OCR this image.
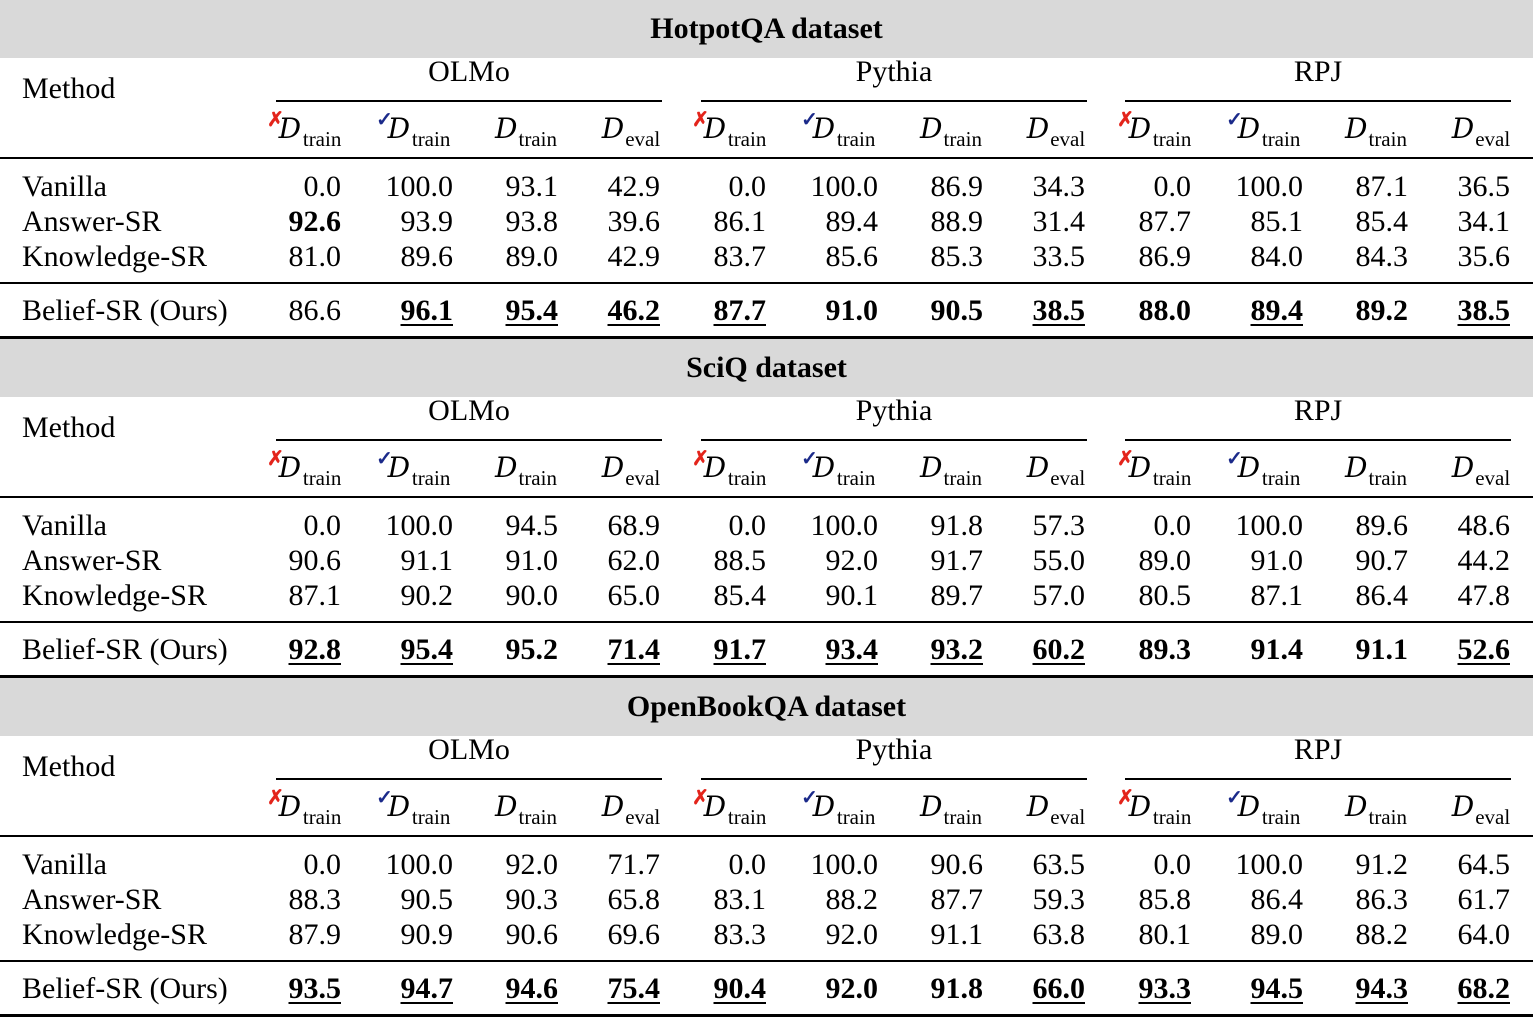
HotpotQA dataset
Method
OLMo
$D^✗_{train}$	$D^✓_{train}$	$D_{train}$	$D_{eval}$
Pythia
$D^✗_{train}$	$D^✓_{train}$	$D_{train}$	$D_{eval}$
RPJ
$D^✗_{train}$	$D^✓_{train}$	$D_{train}$	$D_{eval}$
Vanilla	0.0	100.0	93.1	42.9	0.0	100.0	86.9	34.3	0.0	100.0	87.1	36.5
Answer-SR	92.6	93.9	93.8	39.6	86.1	89.4	88.9	31.4	87.7	85.1	85.4	34.1
Knowledge-SR	81.0	89.6	89.0	42.9	83.7	85.6	85.3	33.5	86.9	84.0	84.3	35.6
Belief-SR (Ours)	86.6	96.1	95.4	46.2	87.7	91.0	90.5	38.5	88.0	89.4	89.2	38.5
SciQ dataset
Method
OLMo
$D^✗_{train}$	$D^✓_{train}$	$D_{train}$	$D_{eval}$
Pythia
$D^✗_{train}$	$D^✓_{train}$	$D_{train}$	$D_{eval}$
RPJ
$D^✗_{train}$	$D^✓_{train}$	$D_{train}$	$D_{eval}$
Vanilla	0.0	100.0	94.5	68.9	0.0	100.0	91.8	57.3	0.0	100.0	89.6	48.6
Answer-SR	90.6	91.1	91.0	62.0	88.5	92.0	91.7	55.0	89.0	91.0	90.7	44.2
Knowledge-SR	87.1	90.2	90.0	65.0	85.4	90.1	89.7	57.0	80.5	87.1	86.4	47.8
Belief-SR (Ours)	92.8	95.4	95.2	71.4	91.7	93.4	93.2	60.2	89.3	91.4	91.1	52.6
OpenBookQA dataset
Method
OLMo
$D^✗_{train}$	$D^✓_{train}$	$D_{train}$	$D_{eval}$
Pythia
$D^✗_{train}$	$D^✓_{train}$	$D_{train}$	$D_{eval}$
RPJ
$D^✗_{train}$	$D^✓_{train}$	$D_{train}$	$D_{eval}$
Vanilla	0.0	100.0	92.0	71.7	0.0	100.0	90.6	63.5	0.0	100.0	91.2	64.5
Answer-SR	88.3	90.5	90.3	65.8	83.1	88.2	87.7	59.3	85.8	86.4	86.3	61.7
Knowledge-SR	87.9	90.9	90.6	69.6	83.3	92.0	91.1	63.8	80.1	89.0	88.2	64.0
Belief-SR (Ours)	93.5	94.7	94.6	75.4	90.4	92.0	91.8	66.0	93.3	94.5	94.3	68.2
